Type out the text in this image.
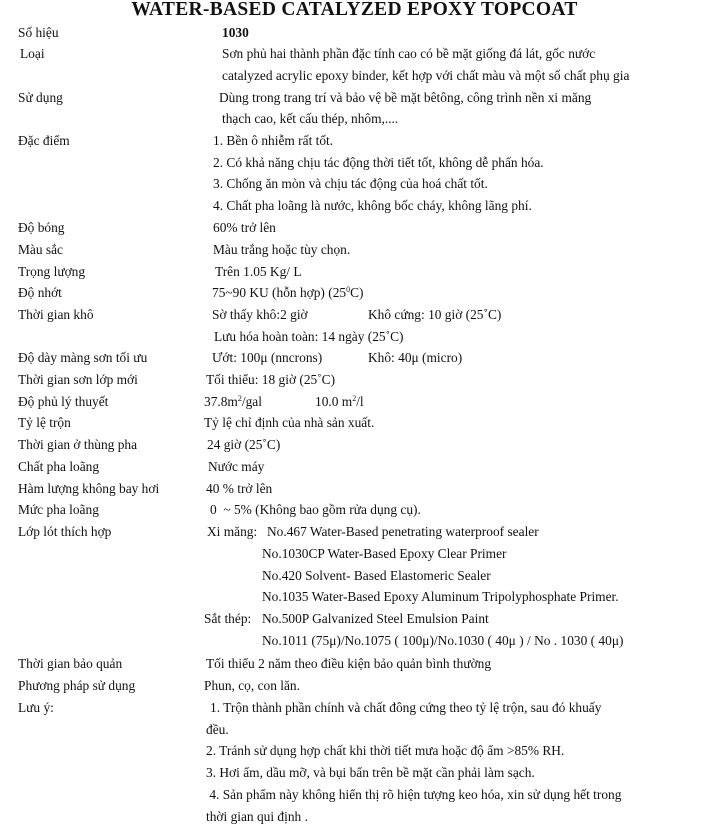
WATER-BASED CATALYZED EPOXY TOPCOAT
Số hiệu	1030
Loại	Sơn phủ hai thành phần đặc tính cao có bề mặt giống đá lát, gốc nước
catalyzed acrylic epoxy binder, kết hợp với chất màu và một số chất phụ gia
Sử dụng	Dùng trong trang trí và bảo vệ bề mặt bêtông, công trình nền xi măng
thạch cao, kết cấu thép, nhôm,....
Đặc điểm	1. Bền ô nhiễm rất tốt.
2. Có khả năng chịu tác động thời tiết tốt, không dễ phấn hóa.
3. Chống ăn mòn và chịu tác động của hoá chất tốt.
4. Chất pha loãng là nước, không bốc cháy, không lãng phí.
Độ bóng	60% trở lên
Màu sắc	Màu trắng hoặc tùy chọn.
Trọng lượng	Trên 1.05 Kg/ L
Độ nhớt	75~90 KU (hỗn hợp) $(25^0C)$
Thời gian khô	Sờ thấy khô:2 giờ	Khô cứng: 10 giờ (25˚C)
Lưu hóa hoàn toàn: 14 ngày (25˚C)
Độ dày màng sơn tối ưu	Ướt: 100μ (nncrons)	Khô: 40μ (micro)
Thời gian sơn lớp mới	Tối thiểu: 18 giờ (25˚C)
Độ phủ lý thuyết	$37.8m^2$/gal	10.0 $m^2/l$
Tỷ lệ trộn	Tỷ lệ chỉ định của nhà sản xuất.
Thời gian ở thùng pha	24 giờ (25˚C)
Chất pha loãng	Nước máy
Hàm lượng không bay hơi	40 % trở lên
Mức pha loãng	0  ~ 5% (Không bao gồm rửa dụng cụ).
Lớp lót thích hợp	Xi măng: No.467 Water-Based penetrating waterproof sealer
No.1030CP Water-Based Epoxy Clear Primer
No.420 Solvent- Based Elastomeric Sealer
No.1035 Water-Based Epoxy Aluminum Tripolyphosphate Primer.
Sắt thép: No.500P Galvanized Steel Emulsion Paint
No.1011 (75μ)/No.1075 ( 100μ)/No.1030 ( 40μ ) / No . 1030 ( 40μ)
Thời gian bảo quản	Tối thiểu 2 năm theo điều kiện bảo quản bình thường
Phương pháp sử dụng	Phun, cọ, con lăn.
Lưu ý:	1. Trộn thành phần chính và chất đông cứng theo tỷ lệ trộn, sau đó khuấy
đều.
2. Tránh sử dụng hợp chất khi thời tiết mưa hoặc độ ẩm >85% RH.
3. Hơi ẩm, dầu mỡ, và bụi bẩn trên bề mặt cần phải làm sạch.
4. Sản phẩm này không hiển thị rõ hiện tượng keo hóa, xin sử dụng hết trong
thời gian qui định .
